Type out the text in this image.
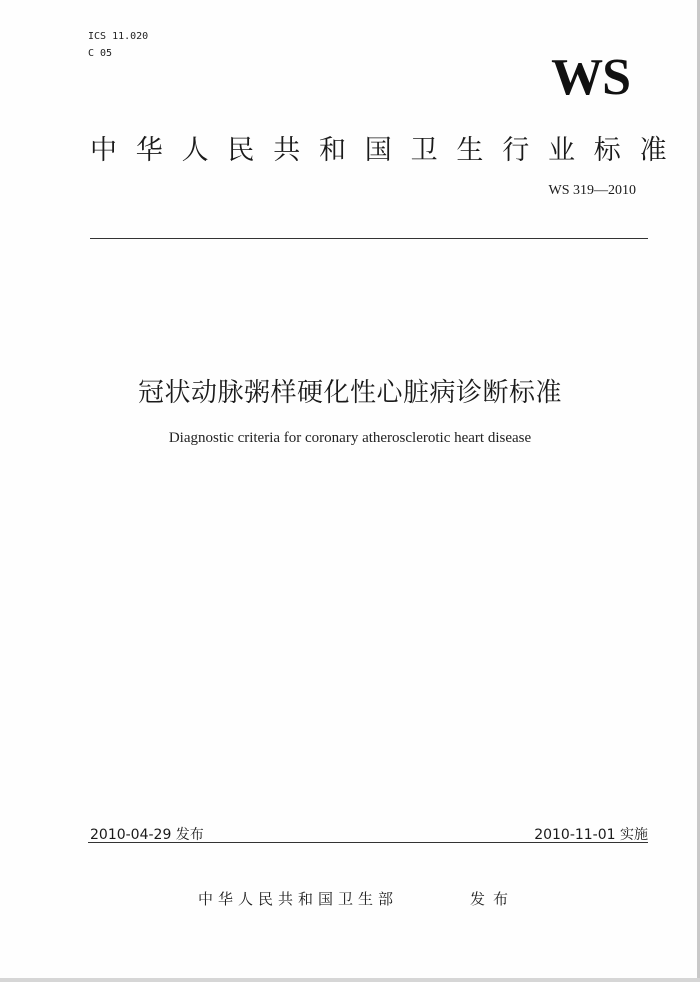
ICS 11.020
C 05	WS
中华人民共和国卫生行业标准
WS 319—2010
冠状动脉粥样硬化性心脏病诊断标准
Diagnostic criteria for coronary atherosclerotic heart disease
2010-04-29 发布	2010-11-01 实施
中华人民共和国卫生部	发布
